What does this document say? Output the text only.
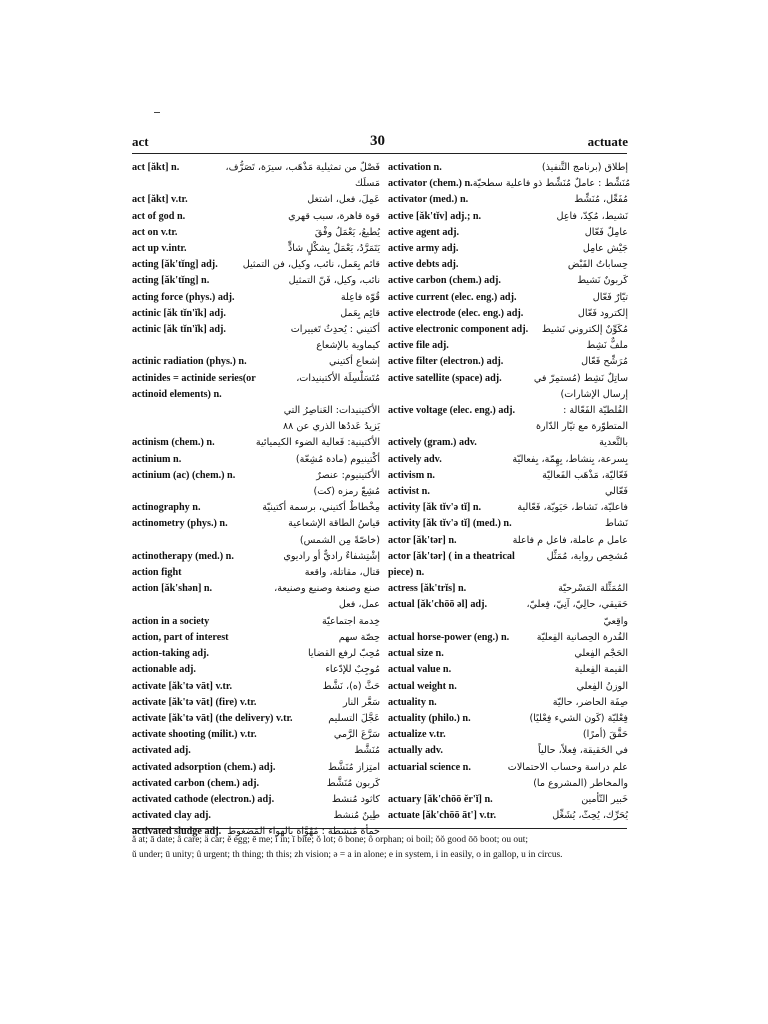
act	30	actuate
act [ăkt] n.	فَصْلٌ من تمثيلية مَذْهَب، سيرَة، تَصَرُّف،
مَسلَك
act [ăkt] v.tr.	عَمِلَ، فعل، اشتغل
act of god n.	قوة قاهرة، سبب قهري
act on v.tr.	يُطيعُ، يَعْمَلُ وفْقَ
act up v.intr.	يَتَمَرَّدُ، يَعْمَلُ بِشكْلٍ شاذٍّ
acting [ăk'tĭng] adj.	قائم بِعَمل، نائب، وكيل، فن التمثيل
acting [ăk'tĭng] n.	نائب، وكيل، فَنّ التمثيل
acting force (phys.) adj.	قُوّة فاعِلة
actinic [ăk tĭn'ĭk] adj.	قائِم بِعَمل
actinic [ăk tĭn'ĭk] adj.	أكتيني : يُحدِثُ تَغييرات
كيماوية بالإشعاع
actinic radiation (phys.) n.	إشعاع أكتيني
actinides = actinide series(or	مُتَسَلْسِلَة الأكتينيدات،
actinoid elements) n.
الأكتينيدات: العَناصِرُ التي
يَزيدُ عَددُها الذري عن ٨٨
actinism (chem.) n.	الأكتينية: فَعالية الضوء الكيميائية
actinium n.	أكْتينيوم (مادة مُشِعّة)
actinium (ac) (chem.) n.	الأكتينيوم: عنصرٌ
مُشِعّ رمزه (كت)
actinography n.	مِخْطاطٌ أكتيني، برسمة أكتينيّة
actinometry (phys.) n.	قياسُ الطاقة الإشعاعية
(خاصّةً مِن الشمس)
actinotherapy (med.) n.	إشْتِشفاءٌ راديٌّ أو راديوي
action fight	قتال، مقاتلة، واقعة
action [ăk'shən] n.	صنع وصنعة وصنيع وصنيعة،
عمل، فعل
action in a society	خِدمة اجتماعيّة
action, part of interest	حِصّة سهم
action-taking adj.	مُحِبّ لرفع القضايا
actionable adj.	مُوجِبٌ للإدّعاء
activate [ăk'tə vāt] v.tr.	حَثَّ (ه)، نَشَّط
activate [ăk'tə vāt] (fire) v.tr.	سَعَّر النار
activate [ăk'tə vāt] (the delivery) v.tr.	عَجَّلَ التسليم
activate shooting (milit.) v.tr.	سَرَّعَ الرَّمي
activated adj.	مُنَشَّط
activated adsorption (chem.) adj.	امتِزاز مُنَشَّط
activated carbon (chem.) adj.	كَربون مُنَشَّط
activated cathode (electron.) adj.	كاثود مُنشط
activated clay adj.	طِينٌ مُنشط
activated sludge adj. حَمأة مُنشطة : مُهْوَّاة بالهواء المَضغوط
activation n.	إطلاق (برنامج التَّنفيذ)
activator (chem.) n. مُنَشِّط : عاملٌ مُنَشِّط ذو فاعلية سطحيّة
activator (med.) n.	مُفَعِّل، مُنَشِّط
active [ăk'tĭv] adj.; n.	نَشيط، مُكِدّ، فاعِل
active agent adj.	عامِلٌ فَعّال
active army adj.	جَيْش عامِل
active debts adj.	حِساباتُ القَبْض
active carbon (chem.) adj.	كَربونٌ نَشيط
active current (elec. eng.) adj.	تيّارٌ فَعّال
active electrode (elec. eng.) adj.	إلكترود فَعّال
active electronic component adj. مُكَوِّنٌ إلكتروني نَشيط
active file adj.	ملفٌّ نَشِط
active filter (electron.) adj.	مُرَشِّح فَعّال
active satellite (space) adj.	ساتِلٌ نَشِط (مُستمِرّ في
إرسال الإشارات)
active voltage (elec. eng.) adj.	الفُلطيّة الفَعّالة :
المتطوّرة مع تيّار الدّارة
actively (gram.) adv.	بالتَّعدية
actively adv.	بِسرعة، بِنشاط، بِهِمّة، بِفعاليّة
activism n.	فَعّاليّة، مَذْهَب الفَعاليّة
activist n.	فَعّالي
activity [ăk tĭv'ə tĭ] n.	فاعليّة، نَشاط، حَيَويّة، فَعّالية
activity [ăk tĭv'ə tĭ] (med.) n.	نَشاط
actor [ăk'tər] n.	عامل م عاملة، فاعل م فاعلة
actor [ăk'tər] ( in a theatrical	مُشخِص رواية، مُمَثِّل
piece) n.
actress [ăk'trĭs] n.	المُمَثِّلة المَسْرحيّة
actual [ăk'chōō əl] adj.	حَقيقي، حالِيّ، آنِيّ، فِعليّ،
واقِعيّ
actual horse-power (eng.) n.	القُدرة الحِصانية الفِعليّة
actual size n.	الحَجْم الفِعلي
actual value n.	القيمة الفِعلية
actual weight n.	الوزنُ الفِعلي
actuality n.	صِفَة الحاضر، حاليّة
actuality (philo.) n.	فِعْليّة (كَون الشيء فِعْليًا)
actualize v.tr.	حَقَّقَ (أمرًا)
actually adv.	في الحَقيقة، فِعلاً، حالياً
actuarial science n.	علم دراسة وحساب الاحتمالات
والمخاطر (المشروع ما)
actuary [ăk'chōō ĕr'ĭ] n.	خَبير التّأمين
actuate [ăk'chōō āt'] v.tr.	يُحَرِّك، يُحِثّ، يُشَغِّل
ă at; ā date; â care; ä car; ĕ egg; ē me; ĭ in; ī bite; ŏ lot; ō bone; ô orphan; oi boil; ŏŏ good ōō boot; ou out;
ŭ under; ū unity; û urgent; th thing; th this; zh vision; ə = a in alone; e in system, i in easily, o in gallop, u in circus.
